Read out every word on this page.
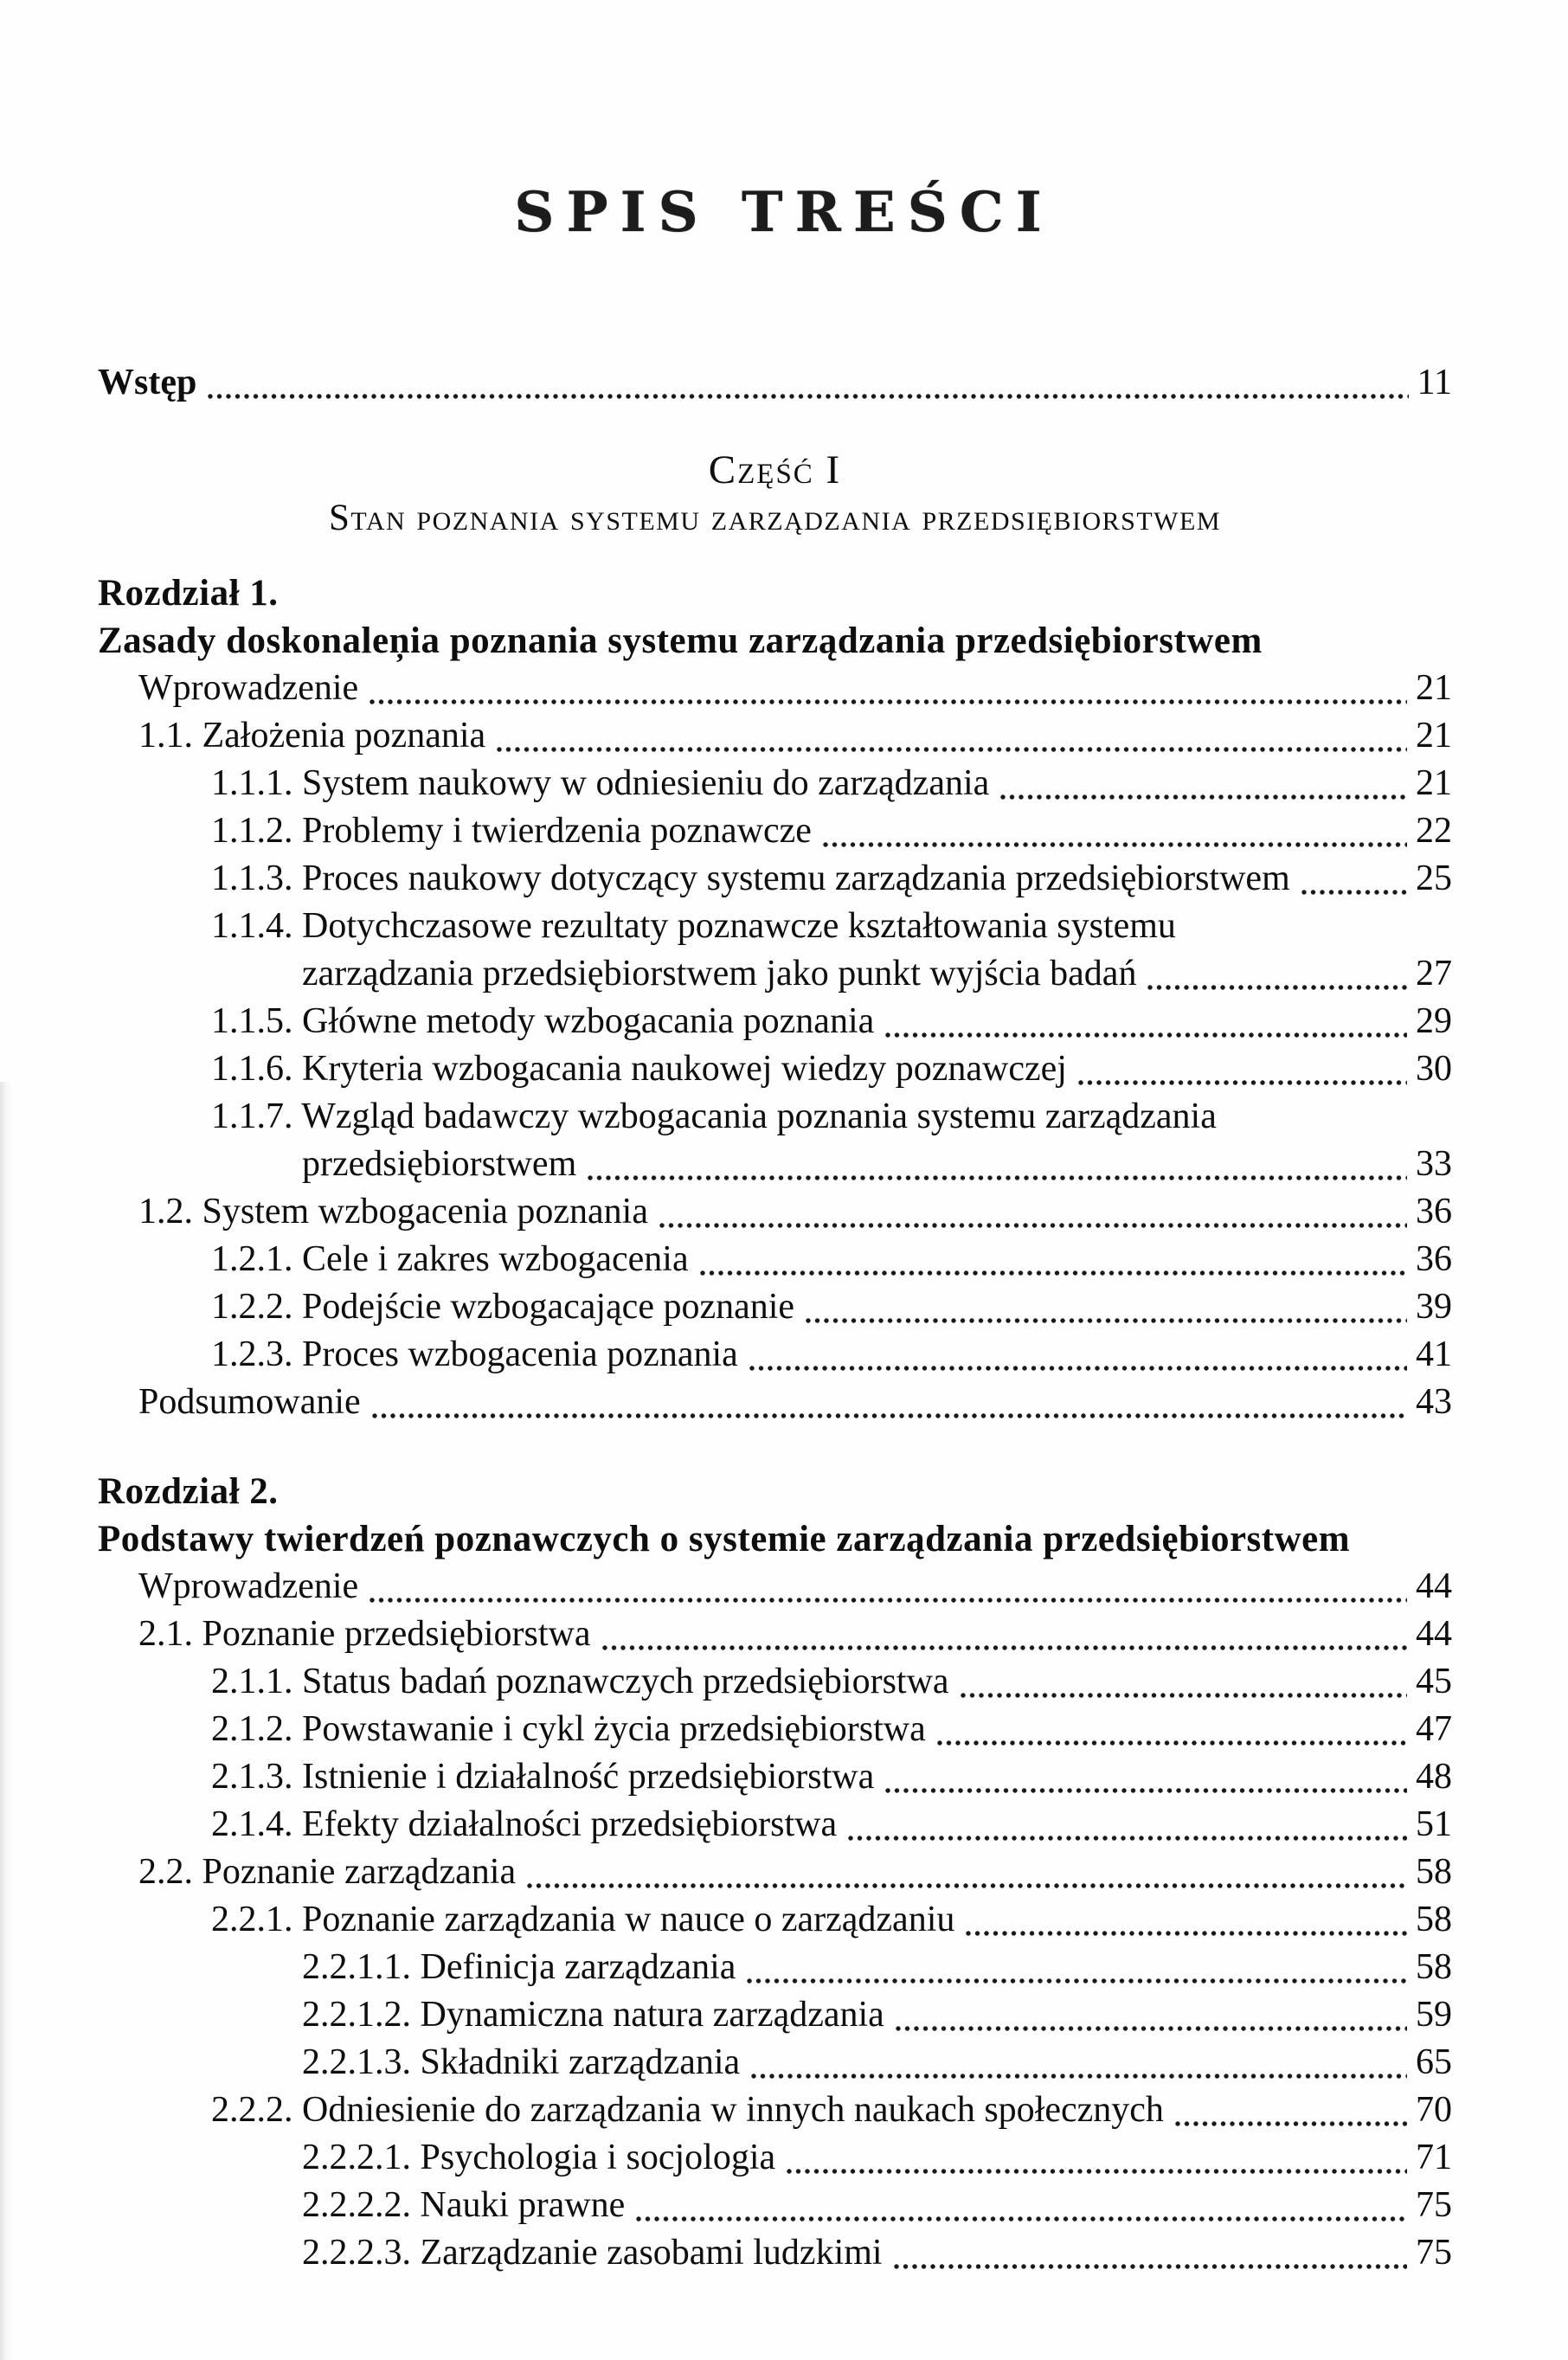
SPIS TREŚCI
Wstęp	11
Część I
Stan poznania systemu zarządzania przedsiębiorstwem
Rozdział 1.
Zasady doskonaleņia poznania systemu zarządzania przedsiębiorstwem
Wprowadzenie	21
1.1. Założenia poznania	21
1.1.1. System naukowy w odniesieniu do zarządzania	21
1.1.2. Problemy i twierdzenia poznawcze	22
1.1.3. Proces naukowy dotyczący systemu zarządzania przedsiębiorstwem	25
1.1.4. Dotychczasowe rezultaty poznawcze kształtowania systemu
zarządzania przedsiębiorstwem jako punkt wyjścia badań	27
1.1.5. Główne metody wzbogacania poznania	29
1.1.6. Kryteria wzbogacania naukowej wiedzy poznawczej	30
1.1.7. Wzgląd badawczy wzbogacania poznania systemu zarządzania
przedsiębiorstwem	33
1.2. System wzbogacenia poznania	36
1.2.1. Cele i zakres wzbogacenia	36
1.2.2. Podejście wzbogacające poznanie	39
1.2.3. Proces wzbogacenia poznania	41
Podsumowanie	43
Rozdział 2.
Podstawy twierdzeń poznawczych o systemie zarządzania przedsiębiorstwem
Wprowadzenie	44
2.1. Poznanie przedsiębiorstwa	44
2.1.1. Status badań poznawczych przedsiębiorstwa	45
2.1.2. Powstawanie i cykl życia przedsiębiorstwa	47
2.1.3. Istnienie i działalność przedsiębiorstwa	48
2.1.4. Efekty działalności przedsiębiorstwa	51
2.2. Poznanie zarządzania	58
2.2.1. Poznanie zarządzania w nauce o zarządzaniu	58
2.2.1.1. Definicja zarządzania	58
2.2.1.2. Dynamiczna natura zarządzania	59
2.2.1.3. Składniki zarządzania	65
2.2.2. Odniesienie do zarządzania w innych naukach społecznych	70
2.2.2.1. Psychologia i socjologia	71
2.2.2.2. Nauki prawne	75
2.2.2.3. Zarządzanie zasobami ludzkimi	75
